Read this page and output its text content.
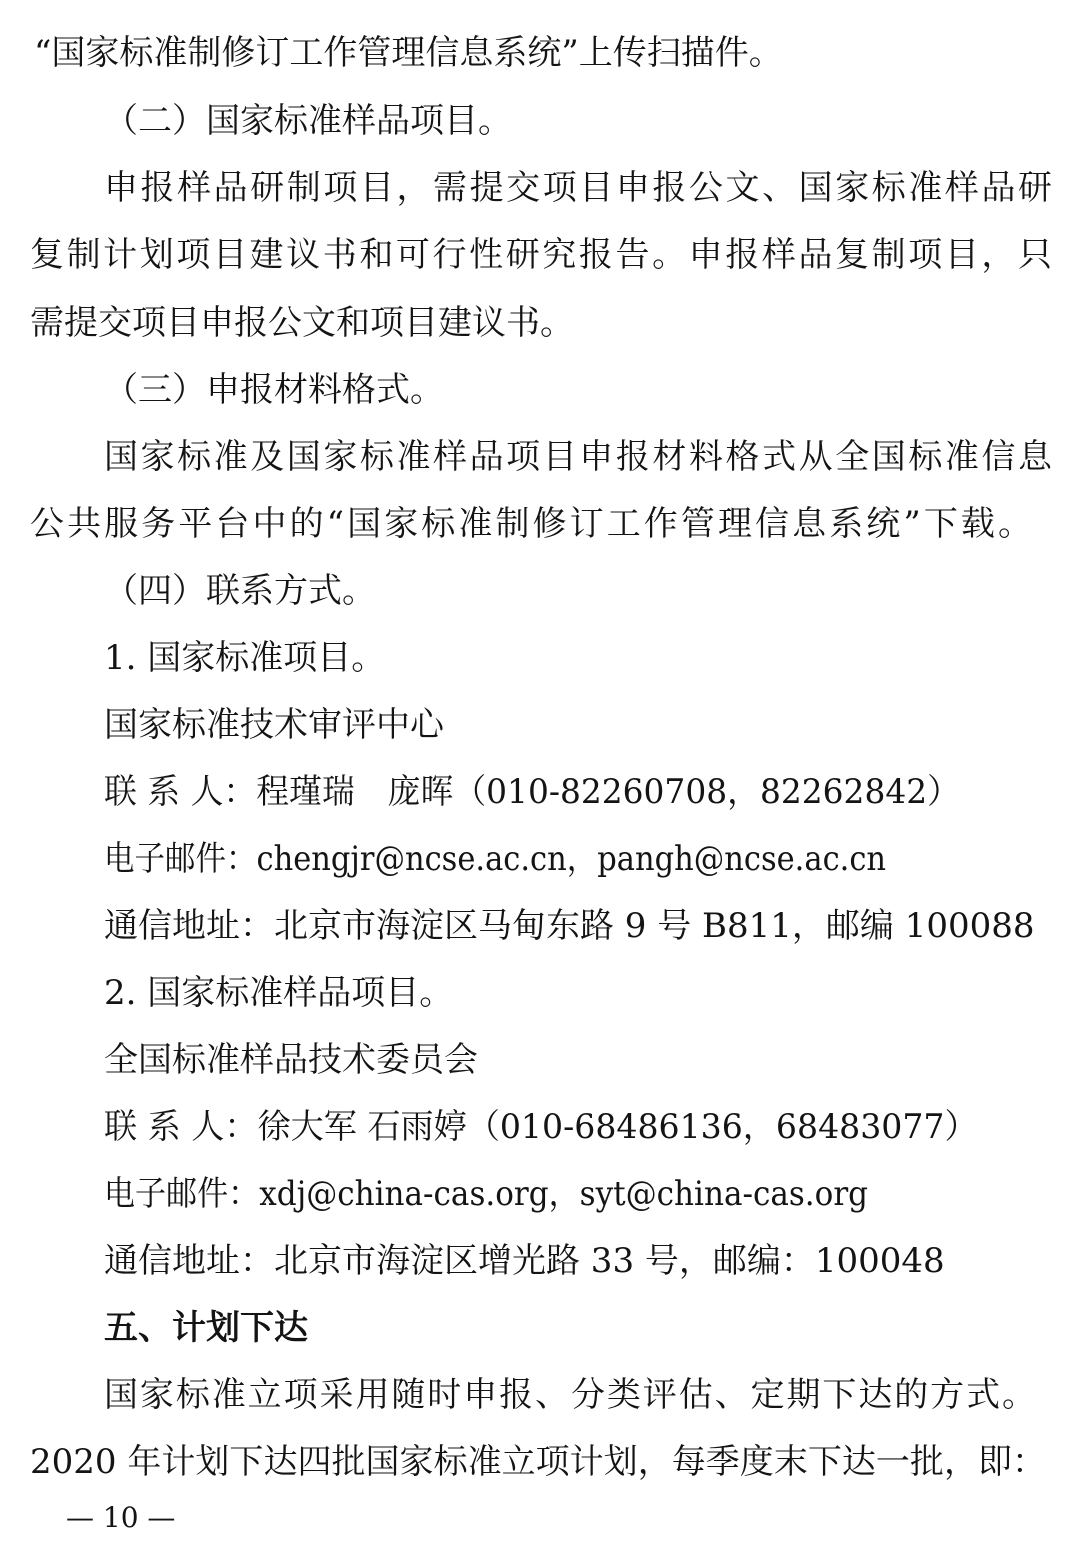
“国家标准制修订工作管理信息系统”上传扫描件。
（二）国家标准样品项目。
申报样品研制项目，需提交项目申报公文、国家标准样品研
复制计划项目建议书和可行性研究报告。申报样品复制项目，只
需提交项目申报公文和项目建议书。
（三）申报材料格式。
国家标准及国家标准样品项目申报材料格式从全国标准信息
公共服务平台中的“国家标准制修订工作管理信息系统”下载。
（四）联系方式。
1. 国家标准项目。
国家标准技术审评中心
联 系 人：程瑾瑞　庞晖（010-82260708，82262842）
电子邮件：chengjr@ncse.ac.cn，pangh@ncse.ac.cn
通信地址：北京市海淀区马甸东路 9 号 B811，邮编 100088
2. 国家标准样品项目。
全国标准样品技术委员会
联 系 人：徐大军 石雨婷（010-68486136，68483077）
电子邮件：xdj@china-cas.org，syt@china-cas.org
通信地址：北京市海淀区增光路 33 号，邮编：100048
五、计划下达
国家标准立项采用随时申报、分类评估、定期下达的方式。
2020 年计划下达四批国家标准立项计划，每季度末下达一批，即：
— 10 —
